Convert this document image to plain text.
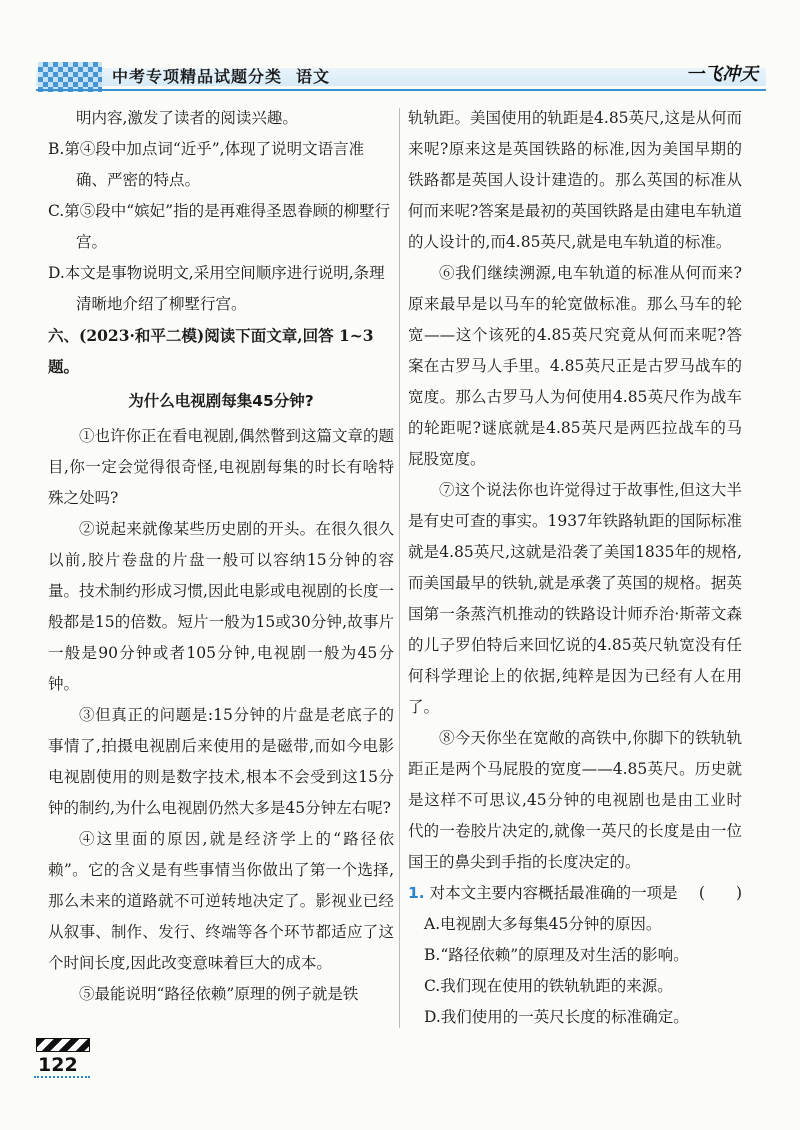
中考专项精品试题分类 语文	一飞冲天

明内容,激发了读者的阅读兴趣。

B.第④段中加点词“近乎”,体现了说明文语言准确、严密的特点。

C.第⑤段中“嫔妃”指的是再难得圣恩眷顾的柳墅行宫。

D.本文是事物说明文,采用空间顺序进行说明,条理清晰地介绍了柳墅行宫。

六、(2023·和平二模)阅读下面文章,回答 1~3 题。

为什么电视剧每集45分钟?

①也许你正在看电视剧,偶然瞥到这篇文章的题目,你一定会觉得很奇怪,电视剧每集的时长有啥特殊之处吗?

②说起来就像某些历史剧的开头。在很久很久以前,胶片卷盘的片盘一般可以容纳15分钟的容量。技术制约形成习惯,因此电影或电视剧的长度一般都是15的倍数。短片一般为15或30分钟,故事片一般是90分钟或者105分钟,电视剧一般为45分钟。

③但真正的问题是:15分钟的片盘是老底子的事情了,拍摄电视剧后来使用的是磁带,而如今电影电视剧使用的则是数字技术,根本不会受到这15分钟的制约,为什么电视剧仍然大多是45分钟左右呢?

④这里面的原因,就是经济学上的“路径依赖”。它的含义是有些事情当你做出了第一个选择,那么未来的道路就不可逆转地决定了。影视业已经从叙事、制作、发行、终端等各个环节都适应了这个时间长度,因此改变意味着巨大的成本。

⑤最能说明“路径依赖”原理的例子就是铁

轨轨距。美国使用的轨距是4.85英尺,这是从何而来呢?原来这是英国铁路的标准,因为美国早期的铁路都是英国人设计建造的。那么英国的标准从何而来呢?答案是最初的英国铁路是由建电车轨道的人设计的,而4.85英尺,就是电车轨道的标准。

⑥我们继续溯源,电车轨道的标准从何而来?原来最早是以马车的轮宽做标准。那么马车的轮宽——这个该死的4.85英尺究竟从何而来呢?答案在古罗马人手里。4.85英尺正是古罗马战车的宽度。那么古罗马人为何使用4.85英尺作为战车的轮距呢?谜底就是4.85英尺是两匹拉战车的马屁股宽度。

⑦这个说法你也许觉得过于故事性,但这大半是有史可查的事实。1937年铁路轨距的国际标准就是4.85英尺,这就是沿袭了美国1835年的规格,而美国最早的铁轨,就是承袭了英国的规格。据英国第一条蒸汽机推动的铁路设计师乔治·斯蒂文森的儿子罗伯特后来回忆说的4.85英尺轨宽没有任何科学理论上的依据,纯粹是因为已经有人在用了。

⑧今天你坐在宽敞的高铁中,你脚下的铁轨轨距正是两个马屁股的宽度——4.85英尺。历史就是这样不可思议,45分钟的电视剧也是由工业时代的一卷胶片决定的,就像一英尺的长度是由一位国王的鼻尖到手指的长度决定的。

1. 对本文主要内容概括最准确的一项是 (　　)

A.电视剧大多每集45分钟的原因。

B.“路径依赖”的原理及对生活的影响。

C.我们现在使用的铁轨轨距的来源。

D.我们使用的一英尺长度的标准确定。

122
